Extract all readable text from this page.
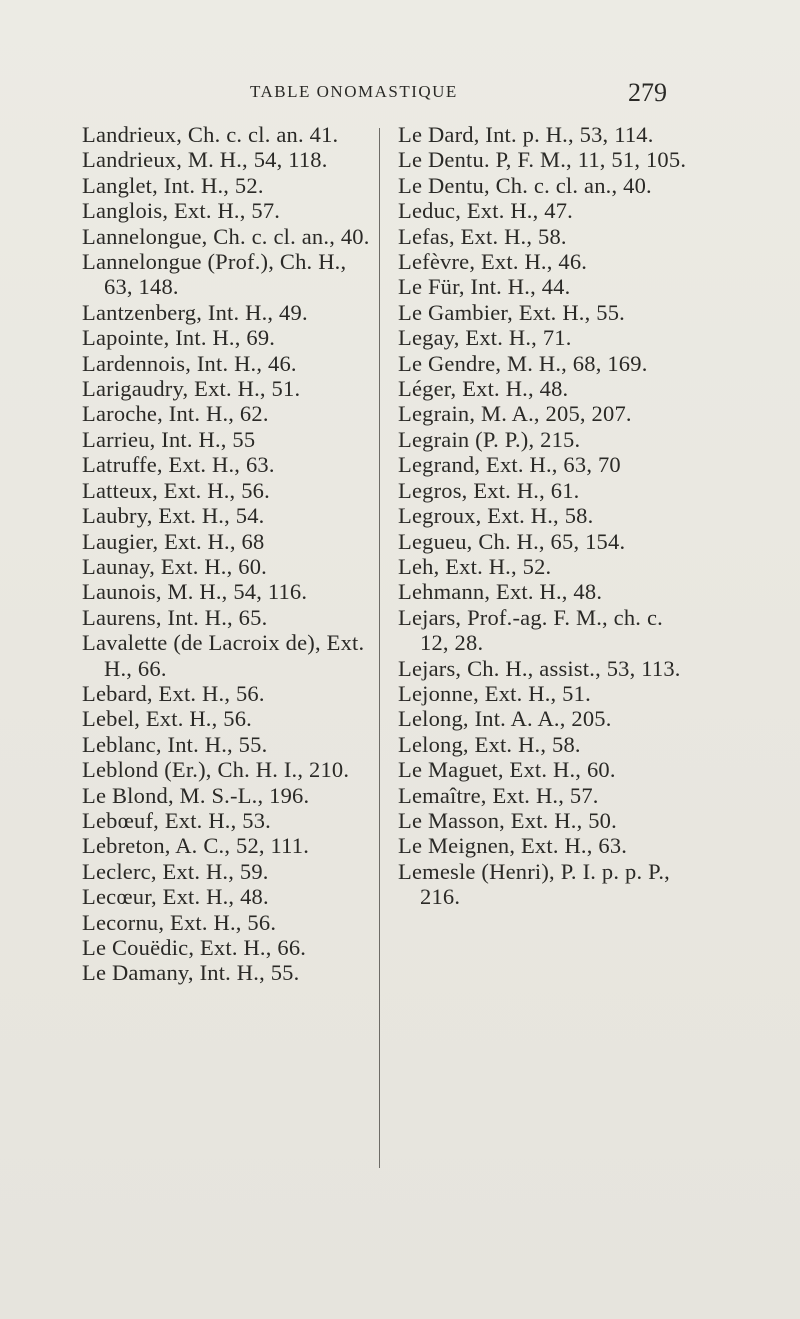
TABLE ONOMASTIQUE	279
Landrieux, Ch. c. cl. an. 41.
Landrieux, M. H., 54, 118.
Langlet, Int. H., 52.
Langlois, Ext. H., 57.
Lannelongue, Ch. c. cl. an., 40.
Lannelongue (Prof.), Ch. H., 63, 148.
Lantzenberg, Int. H., 49.
Lapointe, Int. H., 69.
Lardennois, Int. H., 46.
Larigaudry, Ext. H., 51.
Laroche, Int. H., 62.
Larrieu, Int. H., 55
Latruffe, Ext. H., 63.
Latteux, Ext. H., 56.
Laubry, Ext. H., 54.
Laugier, Ext. H., 68
Launay, Ext. H., 60.
Launois, M. H., 54, 116.
Laurens, Int. H., 65.
Lavalette (de Lacroix de), Ext. H., 66.
Lebard, Ext. H., 56.
Lebel, Ext. H., 56.
Leblanc, Int. H., 55.
Leblond (Er.), Ch. H. I., 210.
Le Blond, M. S.-L., 196.
Lebœuf, Ext. H., 53.
Lebreton, A. C., 52, 111.
Leclerc, Ext. H., 59.
Lecœur, Ext. H., 48.
Lecornu, Ext. H., 56.
Le Couëdic, Ext. H., 66.
Le Damany, Int. H., 55.
Le Dard, Int. p. H., 53, 114.
Le Dentu. P, F. M., 11, 51, 105.
Le Dentu, Ch. c. cl. an., 40.
Leduc, Ext. H., 47.
Lefas, Ext. H., 58.
Lefèvre, Ext. H., 46.
Le Für, Int. H., 44.
Le Gambier, Ext. H., 55.
Legay, Ext. H., 71.
Le Gendre, M. H., 68, 169.
Léger, Ext. H., 48.
Legrain, M. A., 205, 207.
Legrain (P. P.), 215.
Legrand, Ext. H., 63, 70
Legros, Ext. H., 61.
Legroux, Ext. H., 58.
Legueu, Ch. H., 65, 154.
Leh, Ext. H., 52.
Lehmann, Ext. H., 48.
Lejars, Prof.-ag. F. M., ch. c. 12, 28.
Lejars, Ch. H., assist., 53, 113.
Lejonne, Ext. H., 51.
Lelong, Int. A. A., 205.
Lelong, Ext. H., 58.
Le Maguet, Ext. H., 60.
Lemaître, Ext. H., 57.
Le Masson, Ext. H., 50.
Le Meignen, Ext. H., 63.
Lemesle (Henri), P. I. p. p. P., 216.
